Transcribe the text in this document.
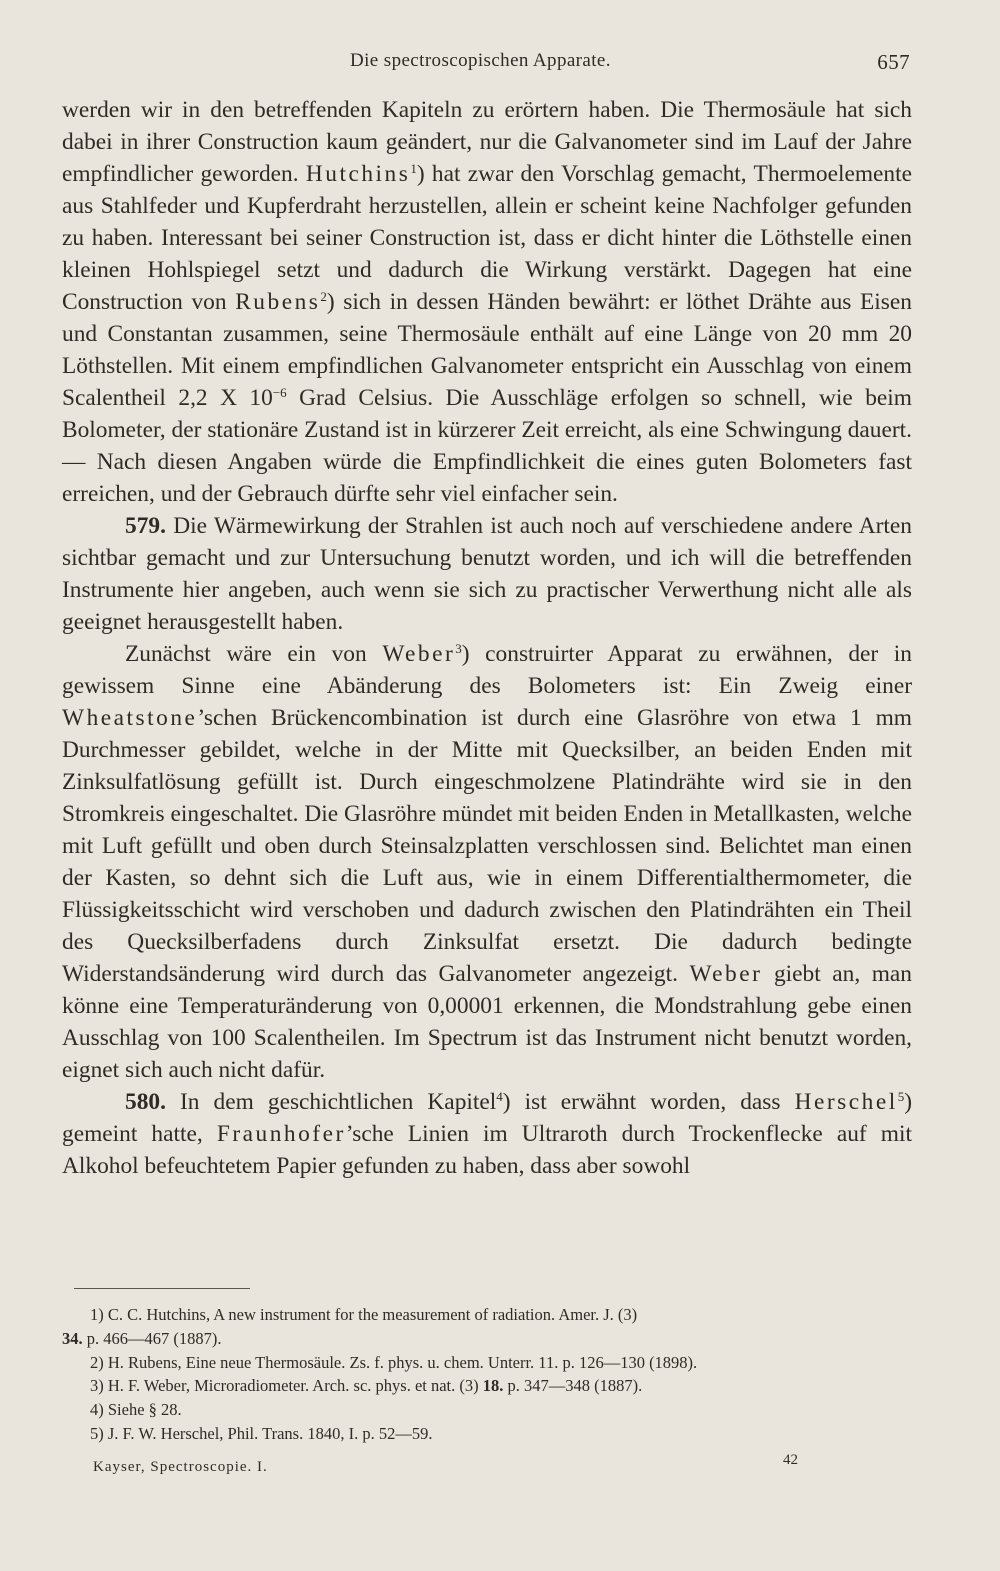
Die spectroscopischen Apparate.	657

werden wir in den betreffenden Kapiteln zu erörtern haben. Die Thermosäule hat sich dabei in ihrer Construction kaum geändert, nur die Galvanometer sind im Lauf der Jahre empfindlicher geworden. Hutchins$^1$) hat zwar den Vorschlag gemacht, Thermoelemente aus Stahlfeder und Kupferdraht herzustellen, allein er scheint keine Nachfolger gefunden zu haben. Interessant bei seiner Construction ist, dass er dicht hinter die Löthstelle einen kleinen Hohlspiegel setzt und dadurch die Wirkung verstärkt. Dagegen hat eine Construction von Rubens$^2$) sich in dessen Händen bewährt: er löthet Drähte aus Eisen und Constantan zusammen, seine Thermosäule enthält auf eine Länge von 20 mm 20 Löthstellen. Mit einem empfindlichen Galvanometer entspricht ein Ausschlag von einem Scalentheil 2,2 X $10^{-6}$ Grad Celsius. Die Ausschläge erfolgen so schnell, wie beim Bolometer, der stationäre Zustand ist in kürzerer Zeit erreicht, als eine Schwingung dauert. — Nach diesen Angaben würde die Empfindlichkeit die eines guten Bolometers fast erreichen, und der Gebrauch dürfte sehr viel einfacher sein.

579. Die Wärmewirkung der Strahlen ist auch noch auf verschiedene andere Arten sichtbar gemacht und zur Untersuchung benutzt worden, und ich will die betreffenden Instrumente hier angeben, auch wenn sie sich zu practischer Verwerthung nicht alle als geeignet herausgestellt haben.

Zunächst wäre ein von Weber$^3$) construirter Apparat zu erwähnen, der in gewissem Sinne eine Abänderung des Bolometers ist: Ein Zweig einer Wheatstone’schen Brückencombination ist durch eine Glasröhre von etwa 1 mm Durchmesser gebildet, welche in der Mitte mit Quecksilber, an beiden Enden mit Zinksulfatlösung gefüllt ist. Durch eingeschmolzene Platindrähte wird sie in den Stromkreis eingeschaltet. Die Glasröhre mündet mit beiden Enden in Metallkasten, welche mit Luft gefüllt und oben durch Steinsalzplatten verschlossen sind. Belichtet man einen der Kasten, so dehnt sich die Luft aus, wie in einem Differentialthermometer, die Flüssigkeitsschicht wird verschoben und dadurch zwischen den Platindrähten ein Theil des Quecksilberfadens durch Zinksulfat ersetzt. Die dadurch bedingte Widerstandsänderung wird durch das Galvanometer angezeigt. Weber giebt an, man könne eine Temperaturänderung von 0,00001 erkennen, die Mondstrahlung gebe einen Ausschlag von 100 Scalentheilen. Im Spectrum ist das Instrument nicht benutzt worden, eignet sich auch nicht dafür.

580. In dem geschichtlichen Kapitel$^4$) ist erwähnt worden, dass Herschel$^5$) gemeint hatte, Fraunhofer’sche Linien im Ultraroth durch Trockenflecke auf mit Alkohol befeuchtetem Papier gefunden zu haben, dass aber sowohl

1) C. C. Hutchins, A new instrument for the measurement of radiation. Amer. J. (3)
34. p. 466—467 (1887).
2) H. Rubens, Eine neue Thermosäule. Zs. f. phys. u. chem. Unterr. 11. p. 126—130 (1898).
3) H. F. Weber, Microradiometer. Arch. sc. phys. et nat. (3) 18. p. 347—348 (1887).
4) Siehe § 28.
5) J. F. W. Herschel, Phil. Trans. 1840, I. p. 52—59.
Kayser, Spectroscopie. I.	42
